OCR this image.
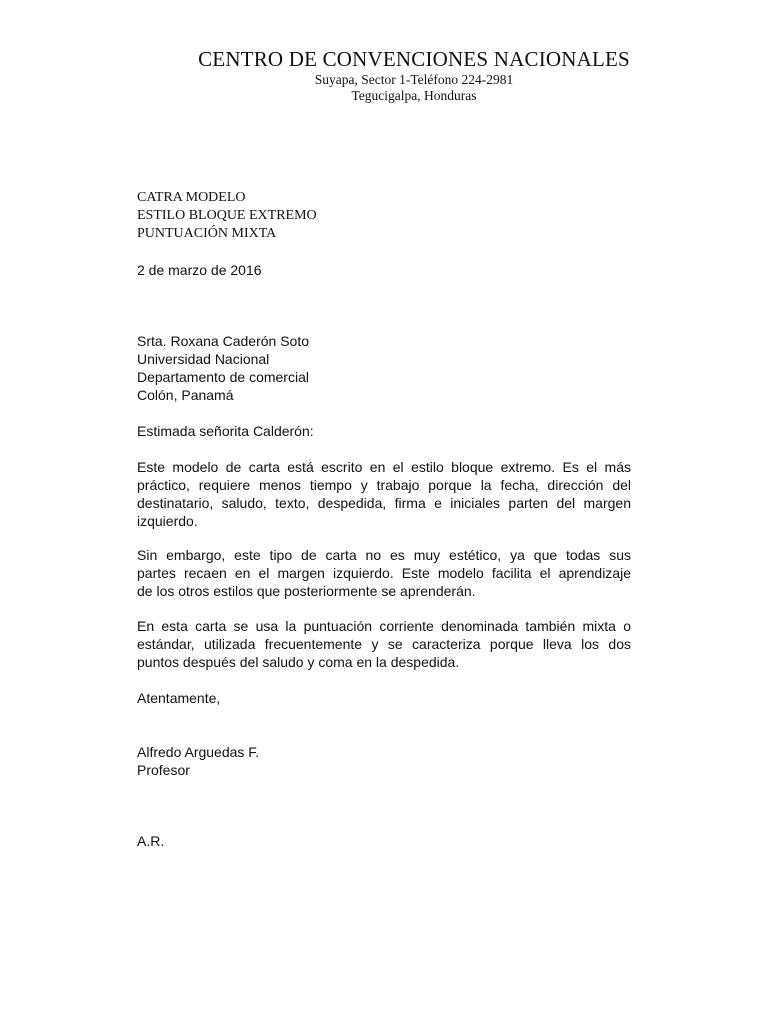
CENTRO DE CONVENCIONES NACIONALES
Suyapa, Sector 1-Teléfono 224-2981
Tegucigalpa, Honduras
CATRA MODELO
ESTILO BLOQUE EXTREMO
PUNTUACIÓN MIXTA
2 de marzo de 2016
Srta. Roxana Caderón Soto
Universidad Nacional
Departamento de comercial
Colón, Panamá
Estimada señorita Calderón:
Este modelo de carta está escrito en el estilo bloque extremo. Es el más
práctico, requiere menos tiempo y trabajo porque la fecha, dirección del
destinatario, saludo, texto, despedida, firma e iniciales parten del margen
izquierdo.
Sin embargo, este tipo de carta no es muy estético, ya que todas sus
partes recaen en el margen izquierdo. Este modelo facilita el aprendizaje
de los otros estilos que posteriormente se aprenderán.
En esta carta se usa la puntuación corriente denominada también mixta o
estándar, utilizada frecuentemente y se caracteriza porque lleva los dos
puntos después del saludo y coma en la despedida.
Atentamente,
Alfredo Arguedas F.
Profesor
A.R.
